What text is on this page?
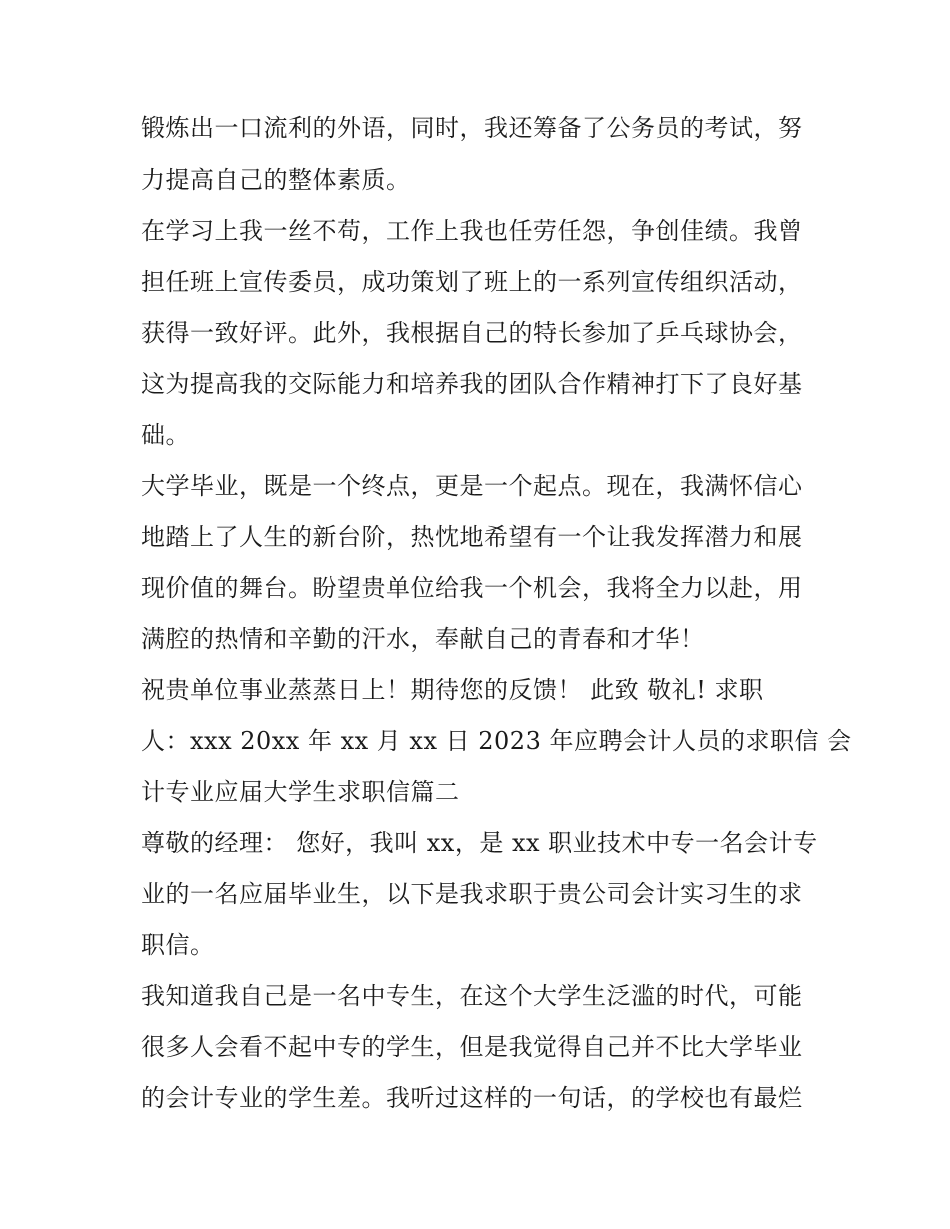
锻炼出一口流利的外语，同时，我还筹备了公务员的考试，努
力提高自己的整体素质。
在学习上我一丝不苟，工作上我也任劳任怨，争创佳绩。我曾
担任班上宣传委员，成功策划了班上的一系列宣传组织活动，
获得一致好评。此外，我根据自己的特长参加了乒乓球协会，
这为提高我的交际能力和培养我的团队合作精神打下了良好基
础。
大学毕业，既是一个终点，更是一个起点。现在，我满怀信心
地踏上了人生的新台阶，热忱地希望有一个让我发挥潜力和展
现价值的舞台。盼望贵单位给我一个机会，我将全力以赴，用
满腔的热情和辛勤的汗水，奉献自己的青春和才华！
祝贵单位事业蒸蒸日上！期待您的反馈！ 此致 敬礼! 求职
人：xxx 20xx 年 xx 月 xx 日 2023 年应聘会计人员的求职信 会
计专业应届大学生求职信篇二
尊敬的经理： 您好，我叫 xx，是 xx 职业技术中专一名会计专
业的一名应届毕业生，以下是我求职于贵公司会计实习生的求
职信。
我知道我自己是一名中专生，在这个大学生泛滥的时代，可能
很多人会看不起中专的学生，但是我觉得自己并不比大学毕业
的会计专业的学生差。我听过这样的一句话，的学校也有最烂
